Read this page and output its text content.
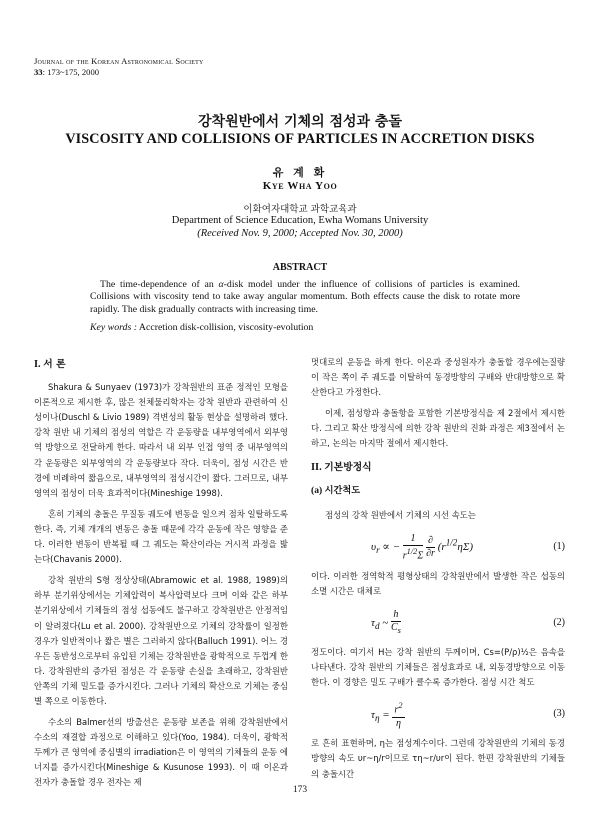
Journal of the Korean Astronomical Society
33: 173~175, 2000
강착원반에서 기체의 점성과 충돌
VISCOSITY AND COLLISIONS OF PARTICLES IN ACCRETION DISKS
유 계 화
Kye Wha Yoo
이화여자대학교 과학교육과
Department of Science Education, Ewha Womans University
(Received Nov. 9, 2000; Accepted Nov. 30, 2000)
ABSTRACT
The time-dependence of an α-disk model under the influence of collisions of particles is examined. Collisions with viscosity tend to take away angular momentum. Both effects cause the disk to rotate more rapidly. The disk gradually contracts with increasing time.
Key words : Accretion disk-collision, viscosity-evolution
I. 서 론
Shakura & Sunyaev (1973)가 강착원반의 표준 정적인 모형을 이론적으로 제시한 후, 많은 천체물리학자는 강착 원반과 관련하여 신성이나(Duschl & Livio 1989) 격변성의 활동 현상을 설명하려 했다. 강착 원반 내 기체의 점성의 역할은 각 운동량을 내부영역에서 외부영역 방향으로 전달하게 한다. 따라서 내 외부 인접 영역 중 내부영역의 각 운동량은 외부영역의 각 운동량보다 작다. 더욱이, 점성 시간은 반경에 비례하여 짧음으로, 내부영역의 점성시간이 짧다. 그러므로, 내부 영역의 점성이 더욱 효과적이다(Mineshige 1998).
혼히 기체의 충돌은 무질동 궤도에 변동을 일으켜 점차 일탈하도록 한다. 즉, 기체 개개의 변동은 충돌 때문에 각각 운동에 작은 영향을 준다. 이러한 변동이 반복될 때 그 궤도는 확산이라는 거시적 과정을 밟는다(Chavanis 2000).
강착 원반의 S형 정상상태(Abramowic et al. 1988, 1989)의 하부 분기위상에서는 기체압력이 복사압력보다 크며 이와 같은 하부 분기위상에서 기체들의 점성 섭동에도 불구하고 강착원반은 안정적임이 알려졌다(Lu et al. 2000). 강착원반으로 기체의 강착률이 일정한 경우가 일반적이나 짧은 별은 그러하지 않다(Balluch 1991). 어느 경우든 동반성으로부터 유입된 기체는 강착원반을 광학적으로 두껍게 한다. 강착원반의 증가된 점성은 각 운동량 손실을 초래하고, 강착원반 안쪽의 기체 밀도를 증가시킨다. 그러나 기체의 확산으로 기체는 중심별 쪽으로 이동한다.
수소의 Balmer선의 방출선은 운동량 보존을 위해 강착원반에서 수소의 재결합 과정으로 이해하고 있다(Yoo, 1984). 더욱이, 광학적 두께가 큰 영역에 중심별의 irradiation은 이 영역의 기체들의 운동 에너지를 증가시킨다(Mineshige & Kusunose 1993). 이 때 이온과 전자가 충돌할 경우 전자는 제
멋대로의 운동을 하게 한다. 이온과 중성원자가 충돌할 경우에는질량이 작은 쪽이 주 궤도를 이탈하여 동경방향의 구배와 반대방향으로 확산한다고 가정한다.
이제, 점성항과 충돌항을 포함한 기본방정식을 제 2절에서 제시한다. 그리고 확산 방정식에 의한 강착 원반의 진화 과정은 제3절에서 논하고, 논의는 마지막 절에서 제시한다.
II. 기본방정식
(a) 시간척도
점성의 강착 원반에서 기체의 시선 속도는
$\upsilon_r$ ∝ − $\frac{1}{r^{1/2}\Sigma}$
$\frac{\partial}{\partial r} (r^{1/2}\eta\Sigma)$	(1)
이다. 이러한 정역학적 평형상태의 강착원반에서 발생한 작은 섭동의 소멸 시간은 대체로
$\tau_d$ ~ $\frac{h}{C_s}$	(2)
정도이다. 여기서 H는 강착 원반의 두께이며, Cs=(P/ρ)½은 음속을 나타낸다. 강착 원반의 기체들은 점성효과로 내, 외동경방향으로 이동한다. 이 경향은 밀도 구배가 클수록 증가한다. 점성 시간 척도
$\tau_\eta = \frac{r^2}{\eta}$	(3)
로 흔히 표현하며, η는 점성계수이다. 그런데 강착원반의 기체의 동경 방향의 속도 υr~η/r이므로 τη~r/υr이 된다. 한편 강착원반의 기체들의 충돌시간
173
